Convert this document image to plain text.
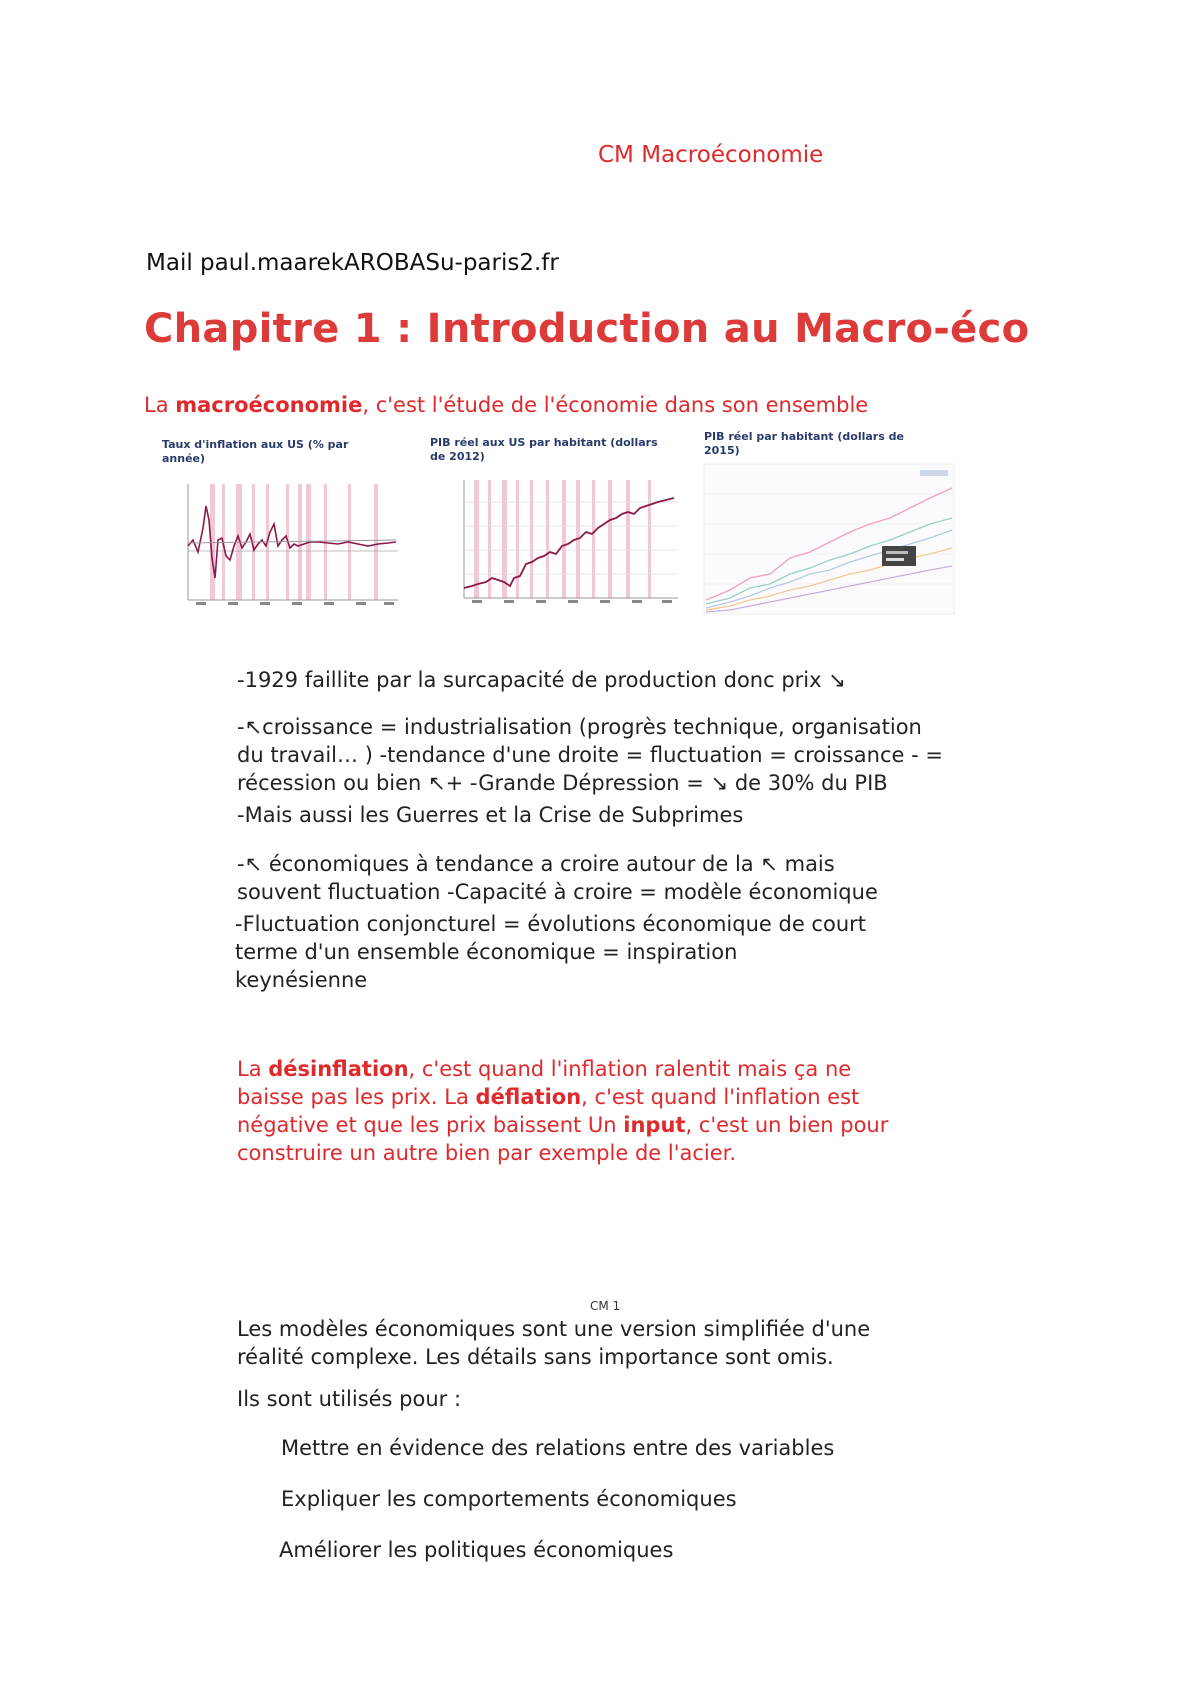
CM Macroéconomie
Mail paul.maarekAROBASu-paris2.fr
Chapitre 1 : Introduction au Macro-éco
La macroéconomie, c'est l'étude de l'économie dans son ensemble
Taux d'inflation aux US (% par
année)
PIB réel aux US par habitant (dollars
de 2012)
PIB réel par habitant (dollars de
2015)
-1929 faillite par la surcapacité de production donc prix ↘
-↖croissance = industrialisation (progrès technique, organisation
du travail… ) -tendance d'une droite = fluctuation = croissance - =
récession ou bien ↖+ -Grande Dépression = ↘ de 30% du PIB
-Mais aussi les Guerres et la Crise de Subprimes
-↖ économiques à tendance a croire autour de la ↖ mais
souvent fluctuation -Capacité à croire = modèle économique
-Fluctuation conjoncturel = évolutions économique de court
terme d'un ensemble économique = inspiration
keynésienne
La désinflation, c'est quand l'inflation ralentit mais ça ne
baisse pas les prix. La déflation, c'est quand l'inflation est
négative et que les prix baissent Un input, c'est un bien pour
construire un autre bien par exemple de l'acier.
CM 1
Les modèles économiques sont une version simplifiée d'une
réalité complexe. Les détails sans importance sont omis.
Ils sont utilisés pour :
Mettre en évidence des relations entre des variables
Expliquer les comportements économiques
Améliorer les politiques économiques
